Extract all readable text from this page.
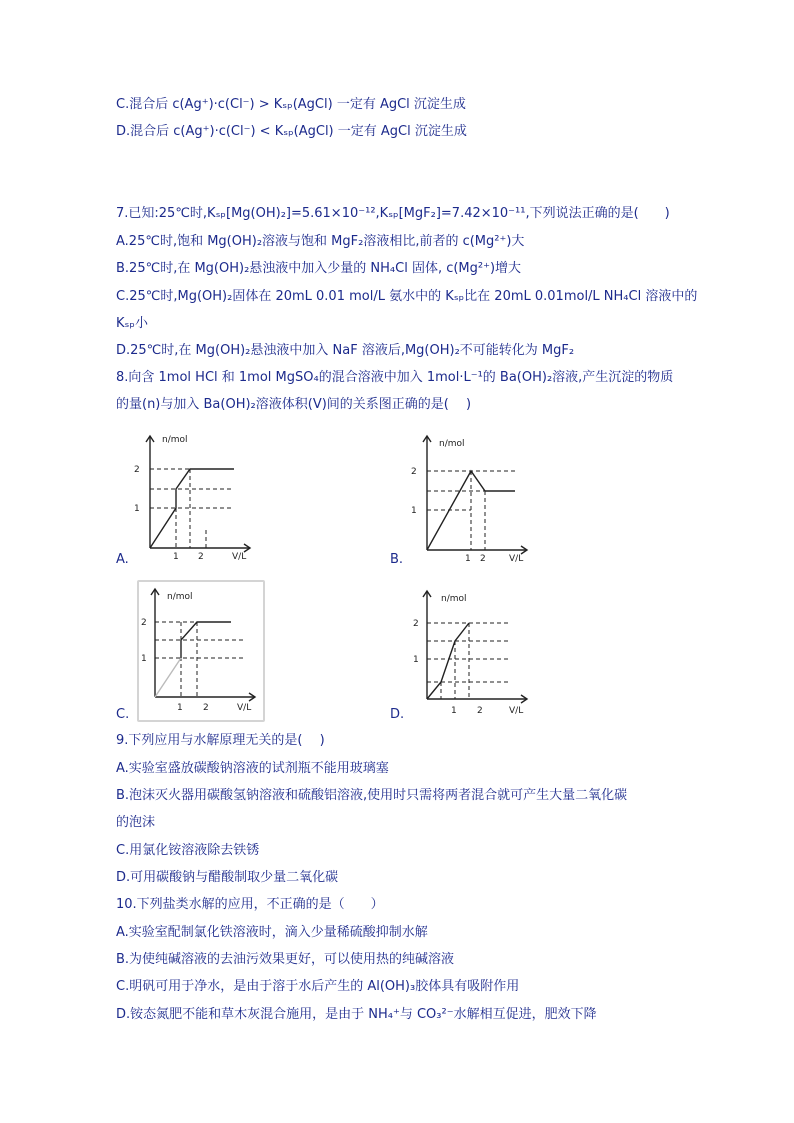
C.混合后 c(Ag⁺)·c(Cl⁻) > Kₛₚ(AgCl) 一定有 AgCl 沉淀生成
D.混合后 c(Ag⁺)·c(Cl⁻) < Kₛₚ(AgCl) 一定有 AgCl 沉淀生成
7.已知:25℃时,Kₛₚ[Mg(OH)₂]=5.61×10⁻¹²,Kₛₚ[MgF₂]=7.42×10⁻¹¹,下列说法正确的是(　　)
A.25℃时,饱和 Mg(OH)₂溶液与饱和 MgF₂溶液相比,前者的 c(Mg²⁺)大
B.25℃时,在 Mg(OH)₂悬浊液中加入少量的 NH₄Cl 固体, c(Mg²⁺)增大
C.25℃时,Mg(OH)₂固体在 20mL 0.01 mol/L 氨水中的 Kₛₚ比在 20mL 0.01mol/L NH₄Cl 溶液中的
Kₛₚ小
D.25℃时,在 Mg(OH)₂悬浊液中加入 NaF 溶液后,Mg(OH)₂不可能转化为 MgF₂
8.向含 1mol HCl 和 1mol MgSO₄的混合溶液中加入 1mol·L⁻¹的 Ba(OH)₂溶液,产生沉淀的物质
的量(n)与加入 Ba(OH)₂溶液体积(V)间的关系图正确的是(　 )
n/mol
2
1
1 2	V/L
A.
n/mol
2
1
1 2	V/L
B.
n/mol
2
1
1 2	V/L
C.
n/mol
2
1
1 2	V/L
D.
9.下列应用与水解原理无关的是(　 )
A.实验室盛放碳酸钠溶液的试剂瓶不能用玻璃塞
B.泡沫灭火器用碳酸氢钠溶液和硫酸铝溶液,使用时只需将两者混合就可产生大量二氧化碳
的泡沫
C.用氯化铵溶液除去铁锈
D.可用碳酸钠与醋酸制取少量二氧化碳
10.下列盐类水解的应用，不正确的是（　　）
A.实验室配制氯化铁溶液时，滴入少量稀硫酸抑制水解
B.为使纯碱溶液的去油污效果更好，可以使用热的纯碱溶液
C.明矾可用于净水，是由于溶于水后产生的 Al(OH)₃胶体具有吸附作用
D.铵态氮肥不能和草木灰混合施用，是由于 NH₄⁺与 CO₃²⁻水解相互促进，肥效下降
